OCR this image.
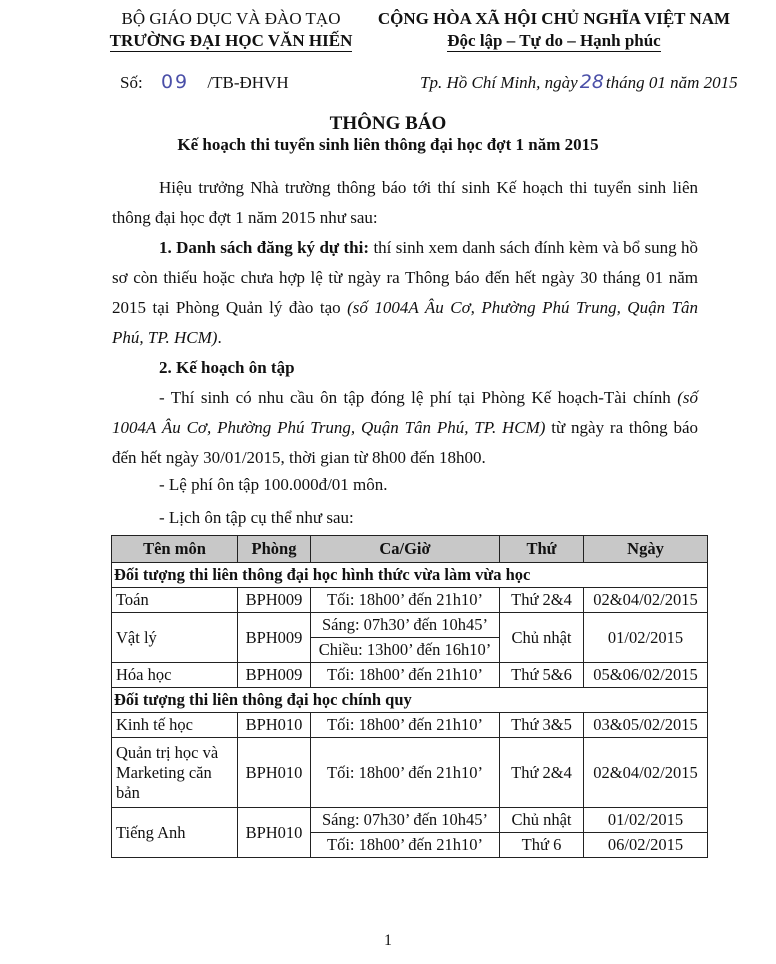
BỘ GIÁO DỤC VÀ ĐÀO TẠO
TRƯỜNG ĐẠI HỌC VĂN HIẾN
CỘNG HÒA XÃ HỘI CHỦ NGHĨA VIỆT NAM
Độc lập – Tự do – Hạnh phúc
Số: 09 /TB-ĐHVH	Tp. Hồ Chí Minh, ngày 28 tháng 01 năm 2015
THÔNG BÁO
Kế hoạch thi tuyển sinh liên thông đại học đợt 1 năm 2015
Hiệu trưởng Nhà trường thông báo tới thí sinh Kế hoạch thi tuyển sinh liên thông đại học đợt 1 năm 2015 như sau:
1. Danh sách đăng ký dự thi: thí sinh xem danh sách đính kèm và bổ sung hồ sơ còn thiếu hoặc chưa hợp lệ từ ngày ra Thông báo đến hết ngày 30 tháng 01 năm 2015 tại Phòng Quản lý đào tạo (số 1004A Âu Cơ, Phường Phú Trung, Quận Tân Phú, TP. HCM).
2. Kế hoạch ôn tập
- Thí sinh có nhu cầu ôn tập đóng lệ phí tại Phòng Kế hoạch-Tài chính (số 1004A Âu Cơ, Phường Phú Trung, Quận Tân Phú, TP. HCM) từ ngày ra thông báo đến hết ngày 30/01/2015, thời gian từ 8h00 đến 18h00.
- Lệ phí ôn tập 100.000đ/01 môn.
- Lịch ôn tập cụ thể như sau:
Tên môn	Phòng	Ca/Giờ	Thứ	Ngày
Đối tượng thi liên thông đại học hình thức vừa làm vừa học				
Toán	BPH009	Tối: 18h00’ đến 21h10’	Thứ 2&4	02&04/02/2015
Vật lý	BPH009	Sáng: 07h30’ đến 10h45’	Chủ nhật	01/02/2015
		Chiều: 13h00’ đến 16h10’		
Hóa học	BPH009	Tối: 18h00’ đến 21h10’	Thứ 5&6	05&06/02/2015
Đối tượng thi liên thông đại học chính quy				
Kinh tế học	BPH010	Tối: 18h00’ đến 21h10’	Thứ 3&5	03&05/02/2015
Quản trị học và Marketing căn bản	BPH010	Tối: 18h00’ đến 21h10’	Thứ 2&4	02&04/02/2015
Tiếng Anh	BPH010	Sáng: 07h30’ đến 10h45’	Chủ nhật	01/02/2015
		Tối: 18h00’ đến 21h10’	Thứ 6	06/02/2015
1
